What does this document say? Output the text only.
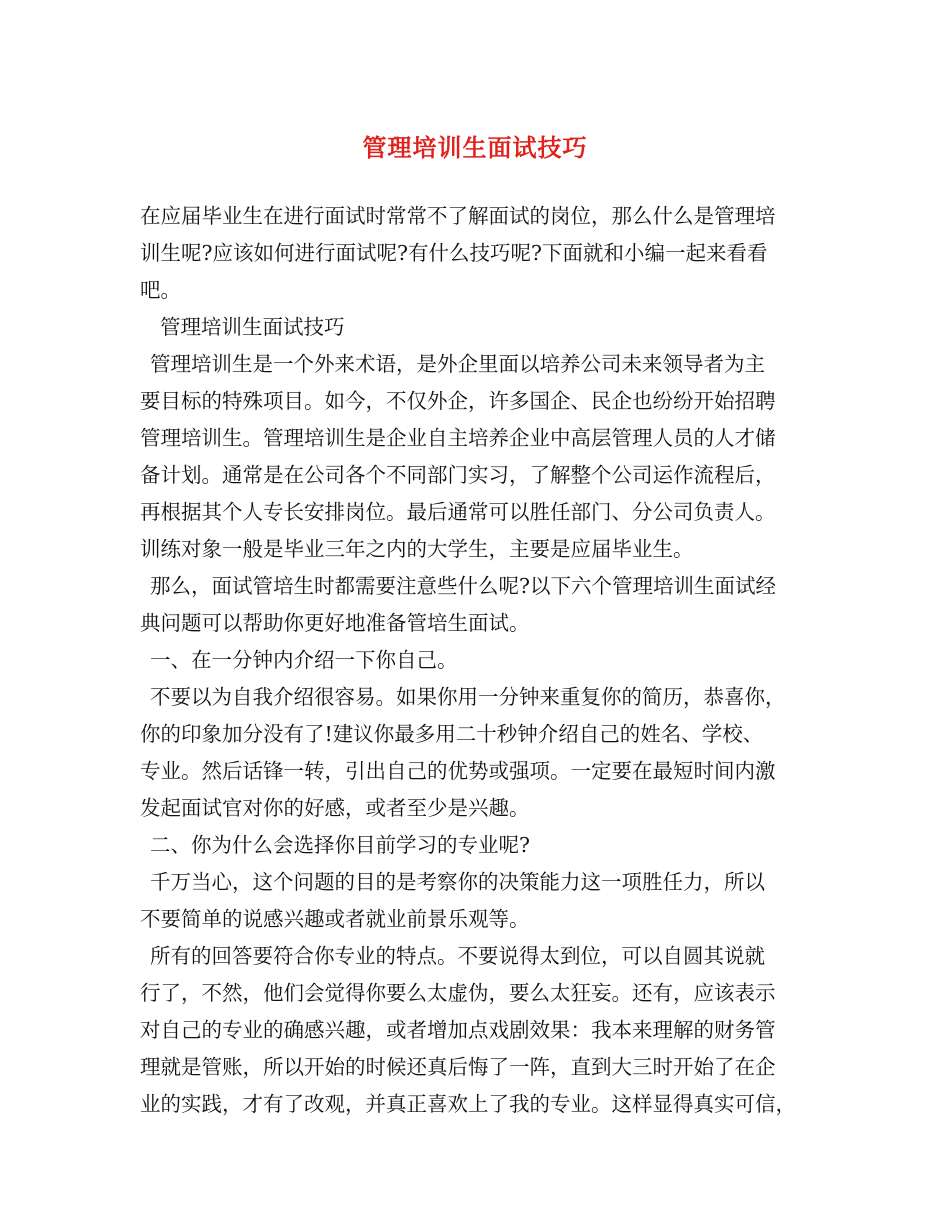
管理培训生面试技巧
在应届毕业生在进行面试时常常不了解面试的岗位，那么什么是管理培
训生呢?应该如何进行面试呢?有什么技巧呢?下面就和小编一起来看看
吧。
管理培训生面试技巧
管理培训生是一个外来术语，是外企里面以培养公司未来领导者为主
要目标的特殊项目。如今，不仅外企，许多国企、民企也纷纷开始招聘
管理培训生。管理培训生是企业自主培养企业中高层管理人员的人才储
备计划。通常是在公司各个不同部门实习，了解整个公司运作流程后，
再根据其个人专长安排岗位。最后通常可以胜任部门、分公司负责人。
训练对象一般是毕业三年之内的大学生，主要是应届毕业生。
那么，面试管培生时都需要注意些什么呢?以下六个管理培训生面试经
典问题可以帮助你更好地准备管培生面试。
一、在一分钟内介绍一下你自己。
不要以为自我介绍很容易。如果你用一分钟来重复你的简历，恭喜你，
你的印象加分没有了!建议你最多用二十秒钟介绍自己的姓名、学校、
专业。然后话锋一转，引出自己的优势或强项。一定要在最短时间内激
发起面试官对你的好感，或者至少是兴趣。
二、你为什么会选择你目前学习的专业呢?
千万当心，这个问题的目的是考察你的决策能力这一项胜任力，所以
不要简单的说感兴趣或者就业前景乐观等。
所有的回答要符合你专业的特点。不要说得太到位，可以自圆其说就
行了，不然，他们会觉得你要么太虚伪，要么太狂妄。还有，应该表示
对自己的专业的确感兴趣，或者增加点戏剧效果：我本来理解的财务管
理就是管账，所以开始的时候还真后悔了一阵，直到大三时开始了在企
业的实践，才有了改观，并真正喜欢上了我的专业。这样显得真实可信，
